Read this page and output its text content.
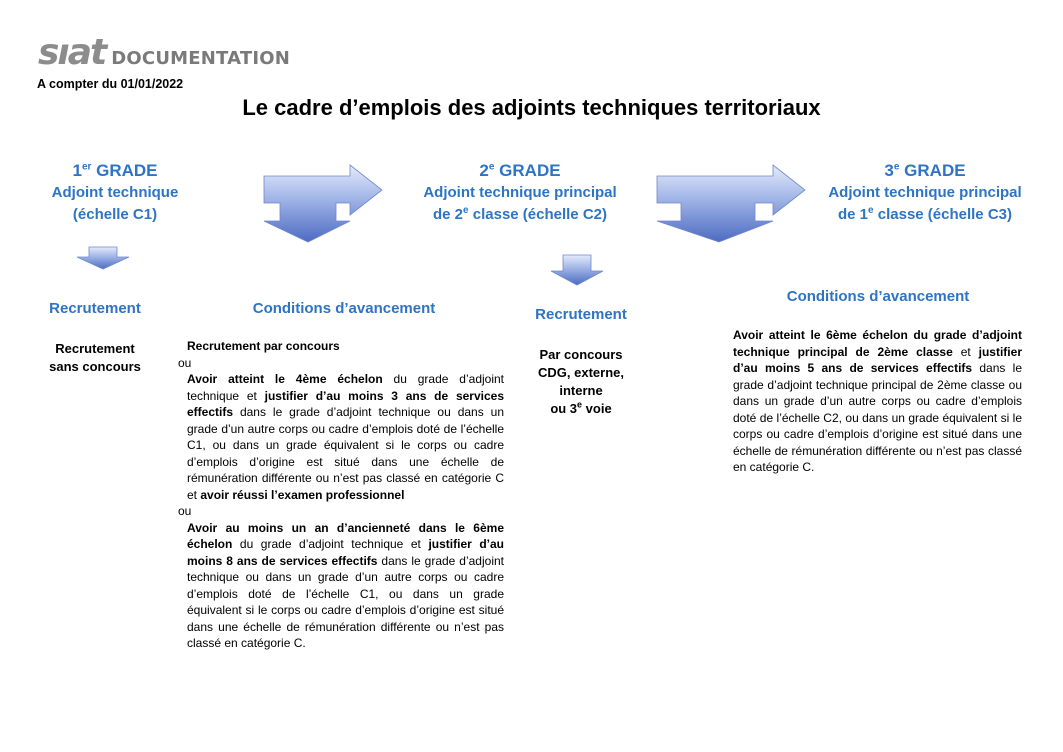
sıat DOCUMENTATION
A compter du 01/01/2022
Le cadre d’emplois des adjoints techniques territoriaux
1er GRADE
Adjoint technique
(échelle C1)
2e GRADE
Adjoint technique principal
de 2e classe (échelle C2)
3e GRADE
Adjoint technique principal
de 1e classe (échelle C3)
Recrutement	Conditions d’avancement	Recrutement
Conditions d’avancement
Recrutement
sans concours
Par concours
CDG, externe,
interne
ou 3e voie
Recrutement par concours
ou
Avoir atteint le 4ème échelon du grade d’adjoint technique et justifier d’au moins 3 ans de services effectifs dans le grade d’adjoint technique ou dans un grade d’un autre corps ou cadre d’emplois doté de l’échelle C1, ou dans un grade équivalent si le corps ou cadre d’emplois d’origine est situé dans une échelle de rémunération différente ou n’est pas classé en catégorie C et avoir réussi l’examen professionnel
ou
Avoir au moins un an d’ancienneté dans le 6ème échelon du grade d’adjoint technique et justifier d’au moins 8 ans de services effectifs dans le grade d’adjoint technique ou dans un grade d’un autre corps ou cadre d’emplois doté de l’échelle C1, ou dans un grade équivalent si le corps ou cadre d’emplois d’origine est situé dans une échelle de rémunération différente ou n’est pas classé en catégorie C.
Avoir atteint le 6ème échelon du grade d’adjoint technique principal de 2ème classe et justifier d’au moins 5 ans de services effectifs dans le grade d’adjoint technique principal de 2ème classe ou dans un grade d’un autre corps ou cadre d’emplois doté de l’échelle C2, ou dans un grade équivalent si le corps ou cadre d’emplois d’origine est situé dans une échelle de rémunération différente ou n’est pas classé en catégorie C.
